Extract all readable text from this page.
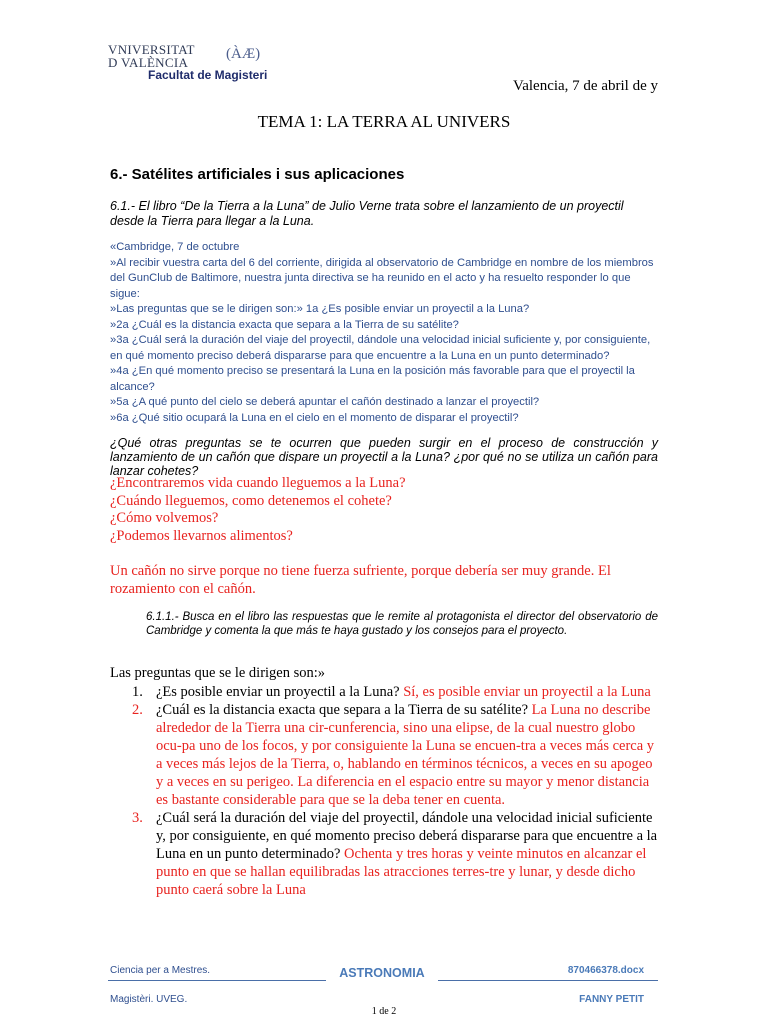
VNIVERSITAT
D VALÈNCIA
(ÀÆ)
Facultat de Magisteri
Valencia, 7 de abril de y
TEMA 1: LA TERRA AL UNIVERS
6.- Satélites artificiales i sus aplicaciones
6.1.- El libro “De la Tierra a la Luna” de Julio Verne trata sobre el lanzamiento de un proyectil desde la Tierra para llegar a la Luna.
«Cambridge, 7 de octubre
»Al recibir vuestra carta del 6 del corriente, dirigida al observatorio de Cambridge en nombre de los miembros del GunClub de Baltimore, nuestra junta directiva se ha reunido en el acto y ha resuelto responder lo que sigue:
»Las preguntas que se le dirigen son:» 1a ¿Es posible enviar un proyectil a la Luna?
»2a ¿Cuál es la distancia exacta que separa a la Tierra de su satélite?
»3a ¿Cuál será la duración del viaje del proyectil, dándole una velocidad inicial suficiente y, por consiguiente, en qué momento preciso deberá dispararse para que encuentre a la Luna en un punto determinado?
»4a ¿En qué momento preciso se presentará la Luna en la posición más favorable para que el proyectil la alcance?
»5a ¿A qué punto del cielo se deberá apuntar el cañón destinado a lanzar el proyectil?
»6a ¿Qué sitio ocupará la Luna en el cielo en el momento de disparar el proyectil?
¿Qué otras preguntas se te ocurren que pueden surgir en el proceso de construcción y lanzamiento de un cañón que dispare un proyectil a la Luna? ¿por qué no se utiliza un cañón para lanzar cohetes?
¿Encontraremos vida cuando lleguemos a la Luna?
¿Cuándo lleguemos, como detenemos el cohete?
¿Cómo volvemos?
¿Podemos llevarnos alimentos?
Un cañón no sirve porque no tiene fuerza sufriente, porque debería ser muy grande. El rozamiento con el cañón.
6.1.1.- Busca en el libro las respuestas que le remite al protagonista el director del observatorio de Cambridge y comenta la que más te haya gustado y los consejos para el proyecto.
Las preguntas que se le dirigen son:»
1. ¿Es posible enviar un proyectil a la Luna? Sí, es posible enviar un proyectil a la Luna
2. ¿Cuál es la distancia exacta que separa a la Tierra de su satélite? La Luna no describe alrededor de la Tierra una cir-cunferencia, sino una elipse, de la cual nuestro globo ocu-pa uno de los focos, y por consiguiente la Luna se encuen-tra a veces más cerca y a veces más lejos de la Tierra, o, hablando en términos técnicos, a veces en su apogeo y a veces en su perigeo. La diferencia en el espacio entre su mayor y menor distancia es bastante considerable para que se la deba tener en cuenta.
3. ¿Cuál será la duración del viaje del proyectil, dándole una velocidad inicial suficiente y, por consiguiente, en qué momento preciso deberá dispararse para que encuentre a la Luna en un punto determinado? Ochenta y tres horas y veinte minutos en alcanzar el punto en que se hallan equilibradas las atracciones terres-tre y lunar, y desde dicho punto caerá sobre la Luna
Ciencia per a Mestres.
Magistèri. UVEG.
ASTRONOMIA	870466378.docx
FANNY PETIT
1 de 2
